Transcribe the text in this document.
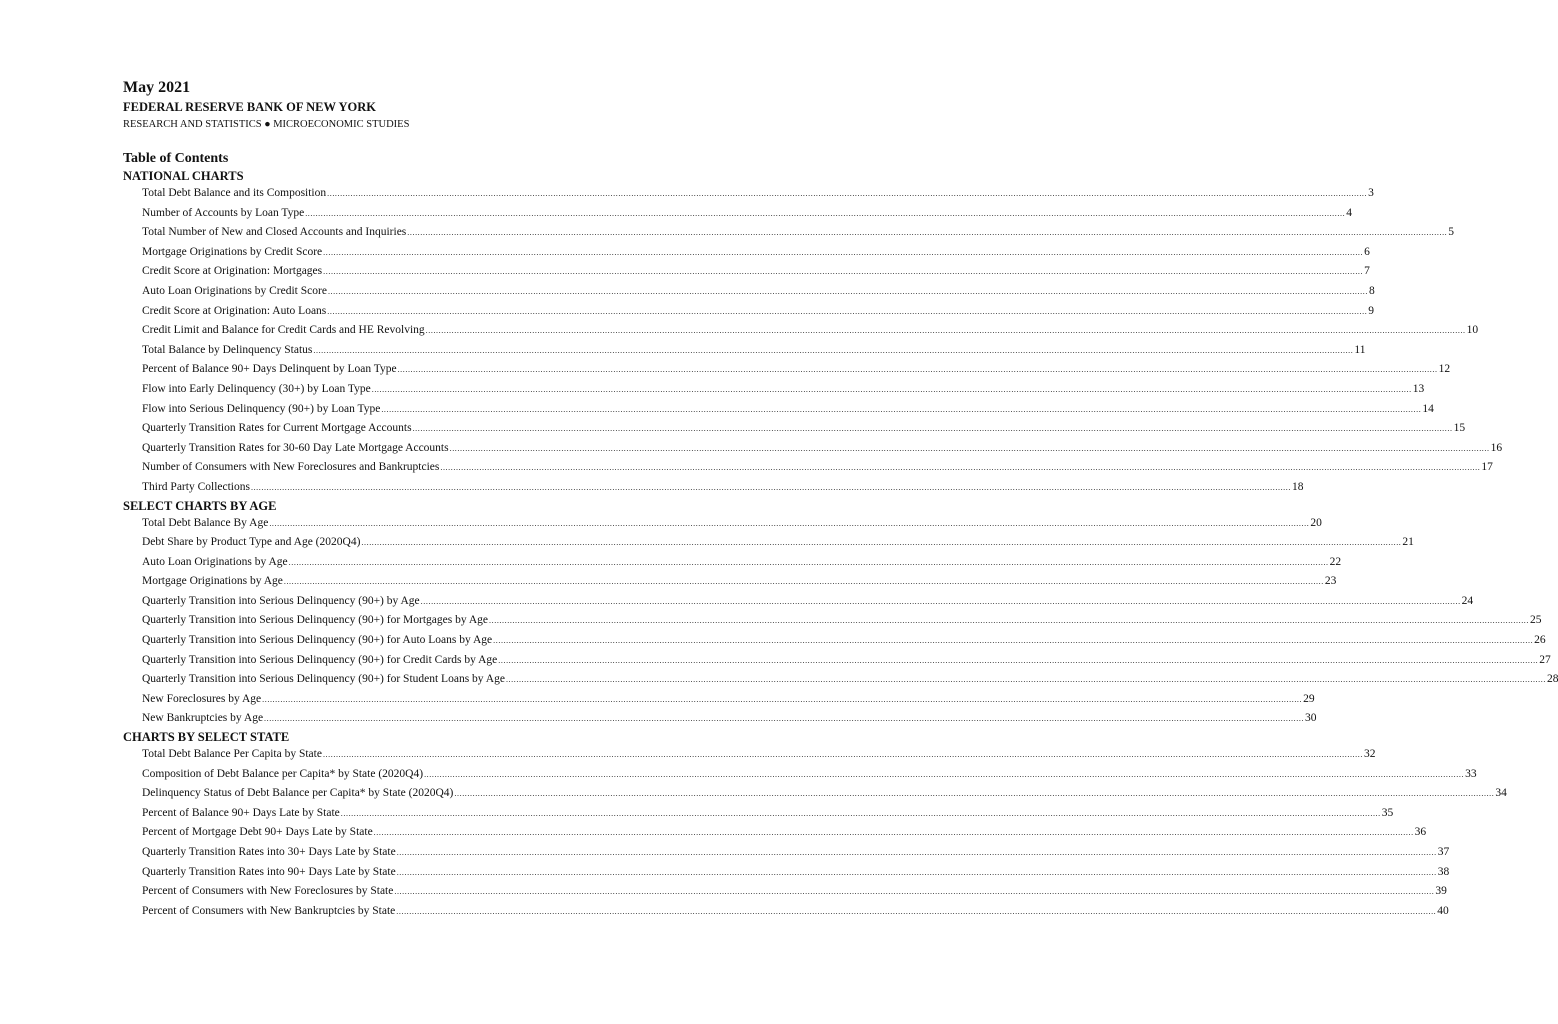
May 2021
FEDERAL RESERVE BANK OF NEW YORK
RESEARCH AND STATISTICS ● MICROECONOMIC STUDIES
Table of Contents
NATIONAL CHARTS
Total Debt Balance and its Composition ................................................................................................................................................................................................................................................................................................................................................................................................................ 3
Number of Accounts by Loan Type ................................................................................................................................................................................................................................................................................................................................................................................................................ 4
Total Number of New and Closed Accounts and Inquiries ................................................................................................................................................................................................................................................................................................................................................................................................................ 5
Mortgage Originations by Credit Score ................................................................................................................................................................................................................................................................................................................................................................................................................ 6
Credit Score at Origination: Mortgages ................................................................................................................................................................................................................................................................................................................................................................................................................ 7
Auto Loan Originations by Credit Score ................................................................................................................................................................................................................................................................................................................................................................................................................ 8
Credit Score at Origination: Auto Loans ................................................................................................................................................................................................................................................................................................................................................................................................................ 9
Credit Limit and Balance for Credit Cards and HE Revolving ................................................................................................................................................................................................................................................................................................................................................................................................................ 10
Total Balance by Delinquency Status ................................................................................................................................................................................................................................................................................................................................................................................................................ 11
Percent of Balance 90+ Days Delinquent by Loan Type ................................................................................................................................................................................................................................................................................................................................................................................................................ 12
Flow into Early Delinquency (30+) by Loan Type ................................................................................................................................................................................................................................................................................................................................................................................................................ 13
Flow into Serious Delinquency (90+) by Loan Type ................................................................................................................................................................................................................................................................................................................................................................................................................ 14
Quarterly Transition Rates for Current Mortgage Accounts ................................................................................................................................................................................................................................................................................................................................................................................................................ 15
Quarterly Transition Rates for 30-60 Day Late Mortgage Accounts ................................................................................................................................................................................................................................................................................................................................................................................................................ 16
Number of Consumers with New Foreclosures and Bankruptcies ................................................................................................................................................................................................................................................................................................................................................................................................................ 17
Third Party Collections ................................................................................................................................................................................................................................................................................................................................................................................................................ 18
SELECT CHARTS BY AGE
Total Debt Balance By Age ................................................................................................................................................................................................................................................................................................................................................................................................................ 20
Debt Share by Product Type and Age (2020Q4) ................................................................................................................................................................................................................................................................................................................................................................................................................ 21
Auto Loan Originations by Age ................................................................................................................................................................................................................................................................................................................................................................................................................ 22
Mortgage Originations by Age ................................................................................................................................................................................................................................................................................................................................................................................................................ 23
Quarterly Transition into Serious Delinquency (90+) by Age ................................................................................................................................................................................................................................................................................................................................................................................................................ 24
Quarterly Transition into Serious Delinquency (90+) for Mortgages by Age ................................................................................................................................................................................................................................................................................................................................................................................................................ 25
Quarterly Transition into Serious Delinquency (90+) for Auto Loans by Age ................................................................................................................................................................................................................................................................................................................................................................................................................ 26
Quarterly Transition into Serious Delinquency (90+) for Credit Cards by Age ................................................................................................................................................................................................................................................................................................................................................................................................................ 27
Quarterly Transition into Serious Delinquency (90+) for Student Loans by Age ................................................................................................................................................................................................................................................................................................................................................................................................................ 28
New Foreclosures by Age ................................................................................................................................................................................................................................................................................................................................................................................................................ 29
New Bankruptcies by Age ................................................................................................................................................................................................................................................................................................................................................................................................................ 30
CHARTS BY SELECT STATE
Total Debt Balance Per Capita by State ................................................................................................................................................................................................................................................................................................................................................................................................................ 32
Composition of Debt Balance per Capita* by State (2020Q4) ................................................................................................................................................................................................................................................................................................................................................................................................................ 33
Delinquency Status of Debt Balance per Capita* by State (2020Q4) ................................................................................................................................................................................................................................................................................................................................................................................................................ 34
Percent of Balance 90+ Days Late by State ................................................................................................................................................................................................................................................................................................................................................................................................................ 35
Percent of Mortgage Debt 90+ Days Late by State ................................................................................................................................................................................................................................................................................................................................................................................................................ 36
Quarterly Transition Rates into 30+ Days Late by State ................................................................................................................................................................................................................................................................................................................................................................................................................ 37
Quarterly Transition Rates into 90+ Days Late by State ................................................................................................................................................................................................................................................................................................................................................................................................................ 38
Percent of Consumers with New Foreclosures by State ................................................................................................................................................................................................................................................................................................................................................................................................................ 39
Percent of Consumers with New Bankruptcies by State ................................................................................................................................................................................................................................................................................................................................................................................................................ 40
